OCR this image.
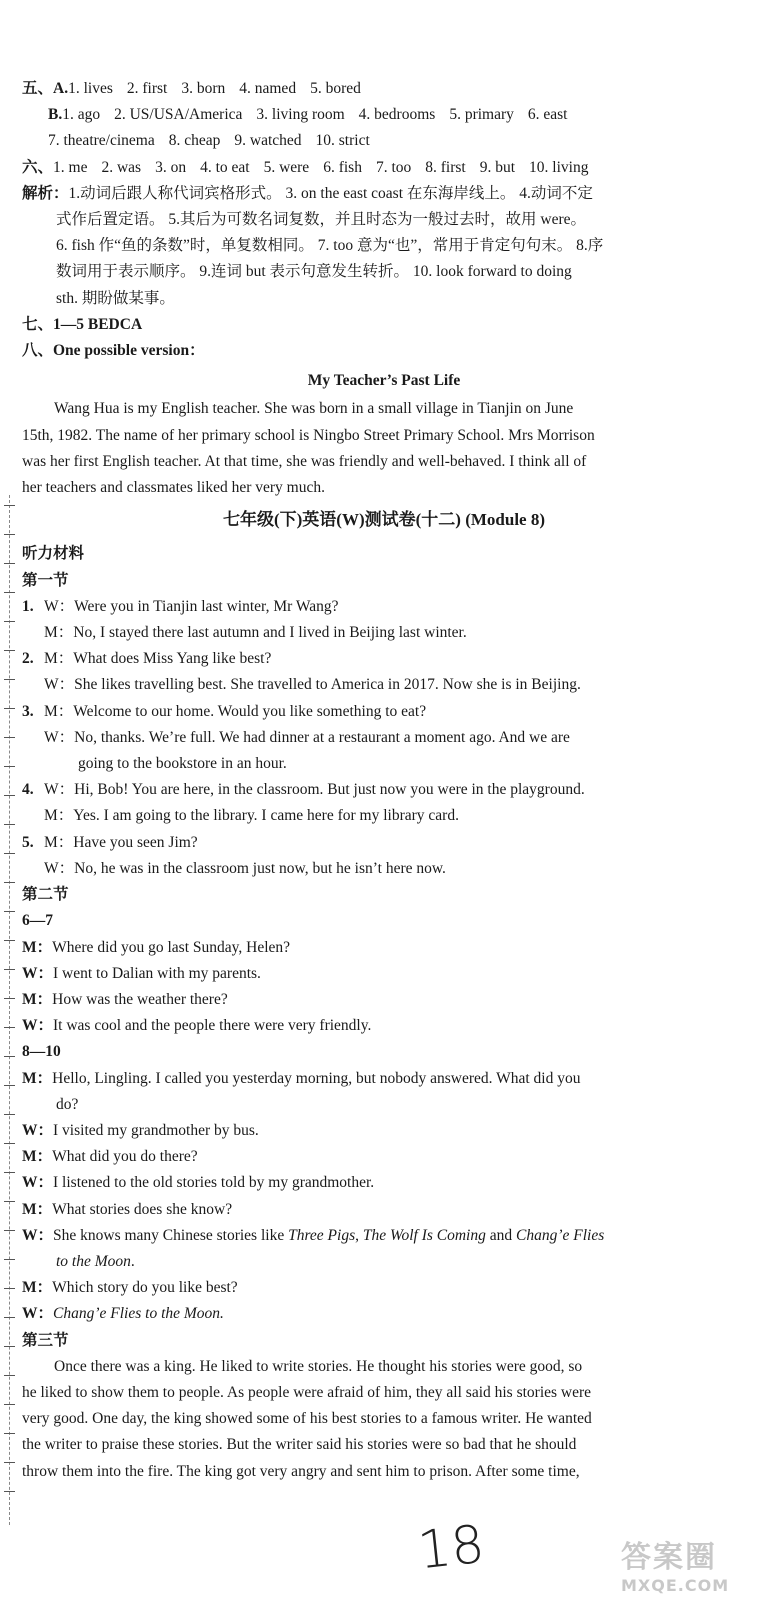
五、A.1. lives 2. first 3. born 4. named 5. bored
B.1. ago 2. US/USA/America 3. living room 4. bedrooms 5. primary 6. east
7. theatre/cinema 8. cheap 9. watched 10. strict
六、1. me 2. was 3. on 4. to eat 5. were 6. fish 7. too 8. first 9. but 10. living
解析：1.动词后跟人称代词宾格形式。 3. on the east coast 在东海岸线上。 4.动词不定
式作后置定语。 5.其后为可数名词复数，并且时态为一般过去时，故用 were。
6. fish 作“鱼的条数”时，单复数相同。 7. too 意为“也”，常用于肯定句句末。 8.序
数词用于表示顺序。 9.连词 but 表示句意发生转折。 10. look forward to doing
sth. 期盼做某事。
七、1—5 BEDCA
八、One possible version：
My Teacher’s Past Life
Wang Hua is my English teacher. She was born in a small village in Tianjin on June
15th, 1982. The name of her primary school is Ningbo Street Primary School. Mrs Morrison
was her first English teacher. At that time, she was friendly and well-behaved. I think all of
her teachers and classmates liked her very much.
七年级(下)英语(W)测试卷(十二) (Module 8)
听力材料
第一节
1.W：Were you in Tianjin last winter, Mr Wang?
M：No, I stayed there last autumn and I lived in Beijing last winter.
2.M：What does Miss Yang like best?
W：She likes travelling best. She travelled to America in 2017. Now she is in Beijing.
3.M：Welcome to our home. Would you like something to eat?
W：No, thanks. We’re full. We had dinner at a restaurant a moment ago. And we are
going to the bookstore in an hour.
4.W：Hi, Bob! You are here, in the classroom. But just now you were in the playground.
M：Yes. I am going to the library. I came here for my library card.
5.M：Have you seen Jim?
W：No, he was in the classroom just now, but he isn’t here now.
第二节
6—7
M：Where did you go last Sunday, Helen?
W：I went to Dalian with my parents.
M：How was the weather there?
W：It was cool and the people there were very friendly.
8—10
M：Hello, Lingling. I called you yesterday morning, but nobody answered. What did you
do?
W：I visited my grandmother by bus.
M：What did you do there?
W：I listened to the old stories told by my grandmother.
M：What stories does she know?
W：She knows many Chinese stories like Three Pigs, The Wolf Is Coming and Chang’e Flies
to the Moon.
M：Which story do you like best?
W：Chang’e Flies to the Moon.
第三节
Once there was a king. He liked to write stories. He thought his stories were good, so
he liked to show them to people. As people were afraid of him, they all said his stories were
very good. One day, the king showed some of his best stories to a famous writer. He wanted
the writer to praise these stories. But the writer said his stories were so bad that he should
throw them into the fire. The king got very angry and sent him to prison. After some time,
18	答案圈
MXQE.COM
